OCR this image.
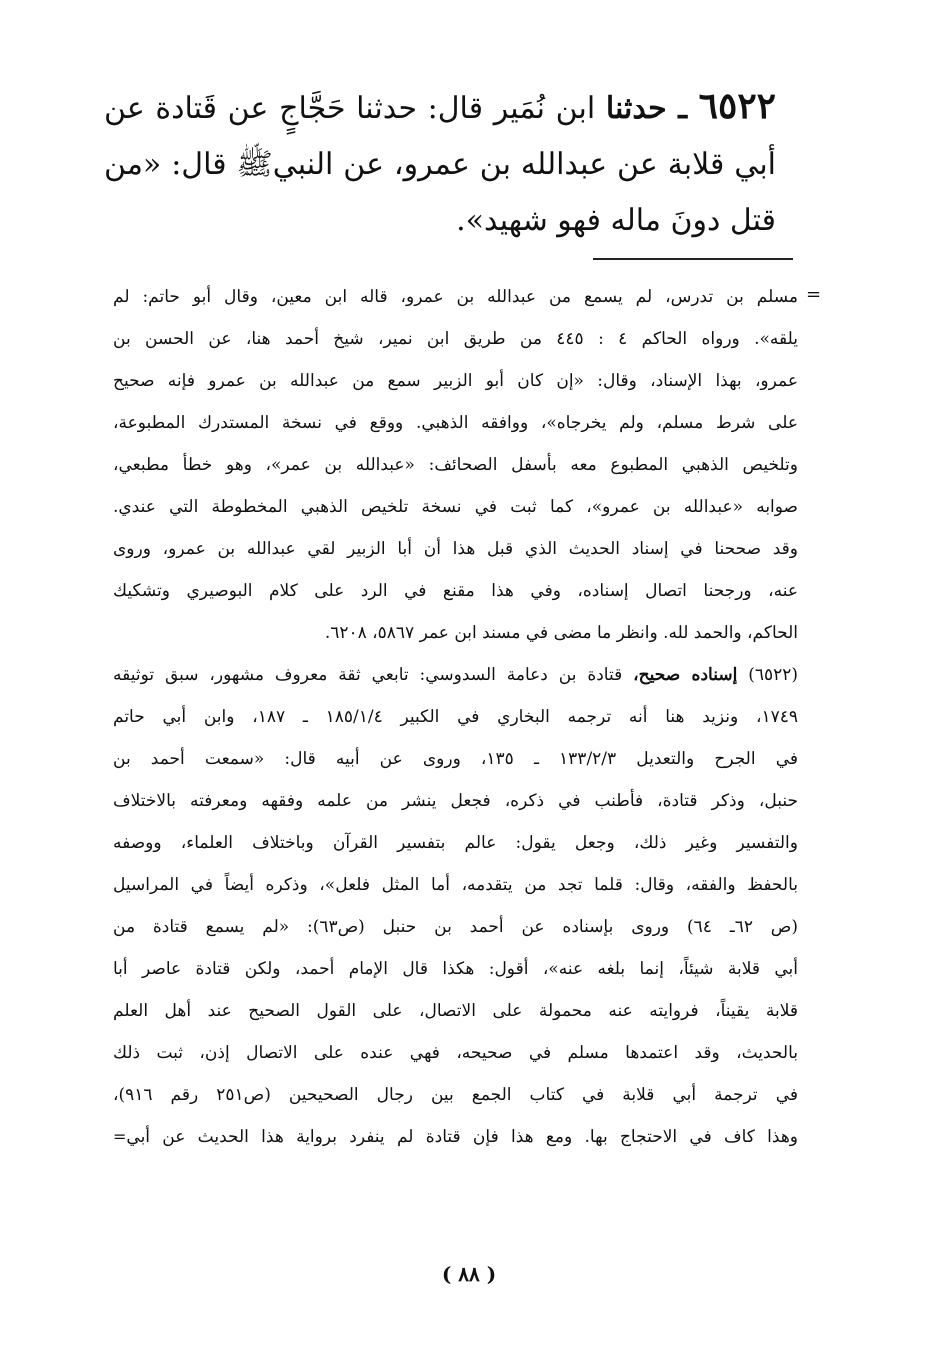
٦٥٢٢ ـ حدثنا ابن نُمَير قال: حدثنا حَجَّاجٍ عن قَتادة عن أبي قلابة عن عبدالله بن عمرو، عن النبيﷺ قال: «من قتل دونَ ماله فهو شهيد».
=
مسلم بن تدرس، لم يسمع من عبدالله بن عمرو، قاله ابن معين، وقال أبو حاتم: لم
يلقه». ورواه الحاكم ٤ : ٤٤٥ من طريق ابن نمير، شيخ أحمد هنا، عن الحسن بن
عمرو، بهذا الإسناد، وقال: «إن كان أبو الزبير سمع من عبدالله بن عمرو فإنه صحيح
على شرط مسلم، ولم يخرجاه»، ووافقه الذهبي. ووقع في نسخة المستدرك المطبوعة،
وتلخيص الذهبي المطبوع معه بأسفل الصحائف: «عبدالله بن عمر»، وهو خطأ مطبعي،
صوابه «عبدالله بن عمرو»، كما ثبت في نسخة تلخيص الذهبي المخطوطة التي عندي.
وقد صححنا في إسناد الحديث الذي قبل هذا أن أبا الزبير لقي عبدالله بن عمرو، وروى
عنه، ورجحنا اتصال إسناده، وفي هذا مقنع في الرد على كلام البوصيري وتشكيك
الحاكم، والحمد لله. وانظر ما مضى في مسند ابن عمر ٥٨٦٧، ٦٢٠٨.
(٦٥٢٢) إسناده صحيح، قتادة بن دعامة السدوسي: تابعي ثقة معروف مشهور، سبق توثيقه
١٧٤٩، ونزيد هنا أنه ترجمه البخاري في الكبير ١٨٥/١/٤ ـ ١٨٧، وابن أبي حاتم
في الجرح والتعديل ١٣٣/٢/٣ ـ ١٣٥، وروى عن أبيه قال: «سمعت أحمد بن
حنبل، وذكر قتادة، فأطنب في ذكره، فجعل ينشر من علمه وفقهه ومعرفته بالاختلاف
والتفسير وغير ذلك، وجعل يقول: عالم بتفسير القرآن وباختلاف العلماء، ووصفه
بالحفظ والفقه، وقال: قلما تجد من يتقدمه، أما المثل فلعل»، وذكره أيضاً في المراسيل
(ص ٦٢ـ ٦٤) وروى بإسناده عن أحمد بن حنبل (ص٦٣): «لم يسمع قتادة من
أبي قلابة شيئاً، إنما بلغه عنه»، أقول: هكذا قال الإمام أحمد، ولكن قتادة عاصر أبا
قلابة يقيناً، فروايته عنه محمولة على الاتصال، على القول الصحيح عند أهل العلم
بالحديث، وقد اعتمدها مسلم في صحيحه، فهي عنده على الاتصال إذن، ثبت ذلك
في ترجمة أبي قلابة في كتاب الجمع بين رجال الصحيحين (ص٢٥١ رقم ٩١٦)،
وهذا كاف في الاحتجاج بها. ومع هذا فإن قتادة لم ينفرد برواية هذا الحديث عن أبي=
( ٨٨ )
